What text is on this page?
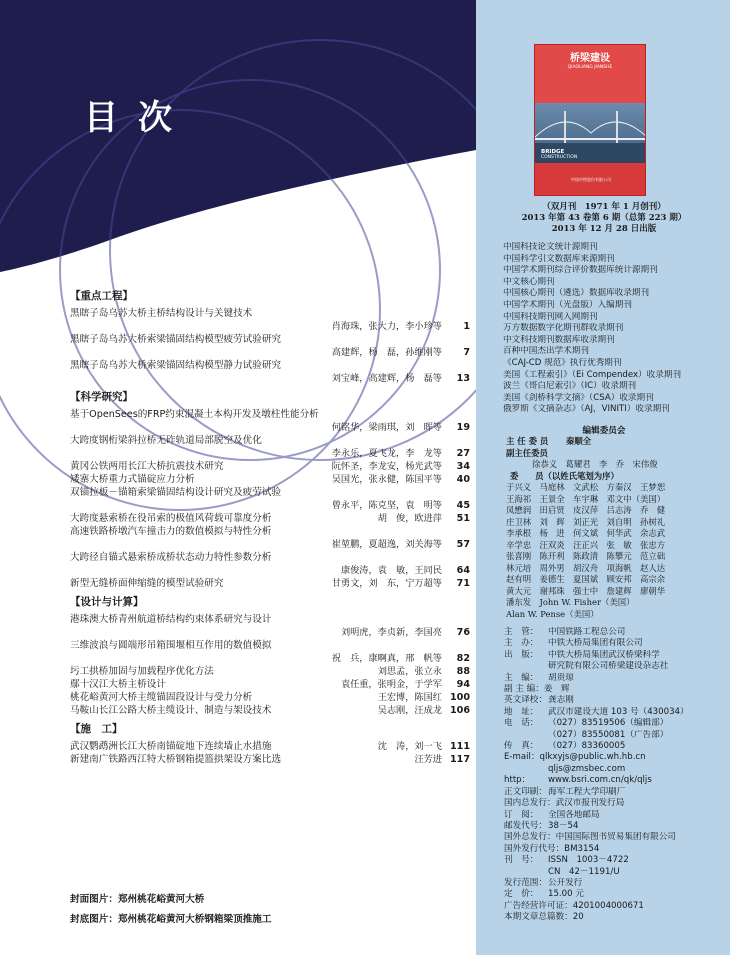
目次
【重点工程】
黑瞎子岛乌苏大桥主桥结构设计与关键技术
肖海珠，张大力，李小珍等	1
黑瞎子岛乌苏大桥索梁锚固结构模型疲劳试验研究
高建辉，杨　磊，孙维刚等	7
黑瞎子岛乌苏大桥索梁锚固结构模型静力试验研究
刘宝峰，高建辉，杨　磊等	13
【科学研究】
基于OpenSees的FRP约束混凝土本构开发及墩柱性能分析
何铭华，梁雨琪，刘　晖等	19
大跨度钢桁梁斜拉桥无砟轨道局部脱空及优化
李永乐，夏飞龙，李　龙等	27
黄冈公铁两用长江大桥抗震技术研究	阮怀圣，李龙安，杨光武等	34
矮寨大桥重力式锚碇应力分析	吴国光，张永健，陈国平等	40
双锚拉板－锚箱索梁锚固结构设计研究及疲劳试验
曾永平，陈克坚，袁　明等	45
大跨度悬索桥在役吊索的极值风荷载可靠度分析	胡　俊，欧进萍	51
高速铁路桥墩汽车撞击力的数值模拟与特性分析
崔堃鹏，夏超逸，刘关海等	57
大跨径自锚式悬索桥成桥状态动力特性参数分析
康俊涛，袁　敏，王同民	64
新型无缝桥面伸缩缝的模型试验研究	甘勇文，刘　东，宁万超等	71
【设计与计算】
港珠澳大桥青州航道桥结构约束体系研究与设计
刘明虎，李贞新，李国亮	76
三维波浪与圆端形吊箱围堰相互作用的数值模拟
祝　兵，康啊真，邢　帆等	82
圬工拱桥加固与加载程序优化方法	刘思孟，张立永	88
鄢十汉江大桥主桥设计	袁任重，张明金，于学军	94
桃花峪黄河大桥主缆锚固段设计与受力分析	王宏博，陈国红 100
马鞍山长江公路大桥主缆设计、制造与架设技术	吴志刚，汪成龙 106
【施　工】
武汉鹦鹉洲长江大桥南锚碇地下连续墙止水措施	沈　涛，刘一飞 111
新建南广铁路西江特大桥钢箱提篮拱架设方案比选	汪芳进 117
封面图片：郑州桃花峪黄河大桥
封底图片：郑州桃花峪黄河大桥钢箱梁顶推施工
桥梁建设
QIAOLIANG JIANSHE
BRIDGE
CONSTRUCTION
中国中铁股份有限公司
（双月刊　1971 年 1 月创刊）
2013 年第 43 卷第 6 期（总第 223 期）
2013 年 12 月 28 日出版
中国科技论文统计源期刊
中国科学引文数据库来源期刊
中国学术期刊综合评价数据库统计源期刊
中文核心期刊
中国核心期刊（遴选）数据库收录期刊
中国学术期刊（光盘版）入编期刊
中国科技期刊网入网期刊
万方数据数字化期刊群收录期刊
中文科技期刊数据库收录期刊
百种中国杰出学术期刊
《CAJ-CD 规范》执行优秀期刊
美国《工程索引》（Ei Compendex）收录期刊
波兰《哥白尼索引》（IC）收录期刊
美国《剑桥科学文摘》（CSA）收录期刊
俄罗斯《文摘杂志》（AJ，VINITI）收录期刊
编辑委员会
主 任 委 员	秦顺全
副主任委员
徐恭义　葛耀君　李　乔　宋伟俊
委　　员（以姓氏笔划为序）
于兴义　马庭林　文武松　方秦汉　王梦恕
王海祁　王景全　车宇琳　邓文中（美国）
凤懋润　田启贤　皮汉萍　吕志涛　乔　健
庄卫林　刘　辉　刘正光　刘自明　孙树礼
李承根　杨　进　何文斌　何华武　余志武
辛学忠　汪双炎　汪正兴　张　敏　张忠方
张喜刚　陈开利　陈政清　陈攀元　范立础
林元培　周外男　胡汉舟　项海帆　赵人达
赵有明　姜德生　夏国斌　顾安邦　高宗余
黄大元　谢邦珠　强士中　詹建辉　廖朝华
潘东发　John W. Fisher（美国）
Alan W. Pense（美国）
主　管：	中国铁路工程总公司
主　办：	中铁大桥局集团有限公司
出　版：	中铁大桥局集团武汉桥梁科学
研究院有限公司桥梁建设杂志社
主　编：	胡贵琼
副 主 编： 姜　辉
英文译校： 龚志刚
地　址：	武汉市建设大道 103 号（430034）
电　话：	（027）83519506（编辑部）
（027）83550081（广告部）
传　真：	（027）83360005
E-mail： qlkxyjs@public.wh.hb.cn
qljs@zmsbec.com
http：	www.bsri.com.cn/qk/qljs
正文印刷： 海军工程大学印刷厂
国内总发行： 武汉市报刊发行局
订　阅：	全国各地邮局
邮发代号： 38－54
国外总发行： 中国国际图书贸易集团有限公司
国外发行代号： BM3154
刊　号：	ISSN　1003－4722
CN　42－1191/U
发行范围： 公开发行
定　价：	15.00 元
广告经营许可证： 4201004000671
本期文章总篇数： 20
